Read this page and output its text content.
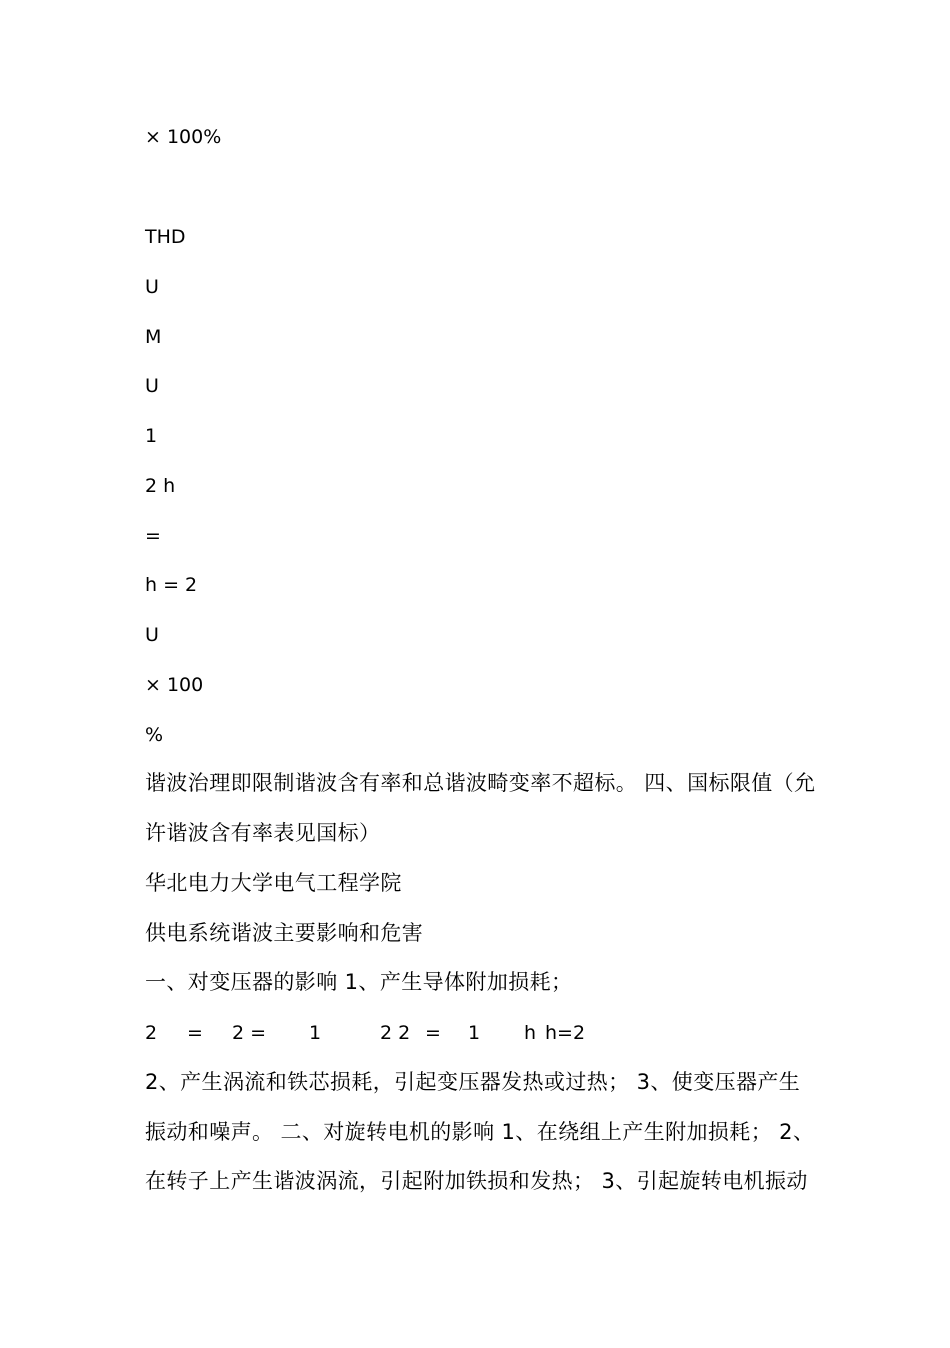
× 100%
THD
U
M
U
1
2 h
=
h = 2
U
× 100
%
谐波治理即限制谐波含有率和总谐波畸变率不超标。 四、国标限值（允
许谐波含有率表见国标）
华北电力大学电气工程学院
供电系统谐波主要影响和危害
一、对变压器的影响 1、产生导体附加损耗；

2

=

2 =

1

	2 2

=

1

h

h=2

2、产生涡流和铁芯损耗，引起变压器发热或过热； 3、使变压器产生
振动和噪声。 二、对旋转电机的影响 1、在绕组上产生附加损耗； 2、
在转子上产生谐波涡流，引起附加铁损和发热； 3、引起旋转电机振动
